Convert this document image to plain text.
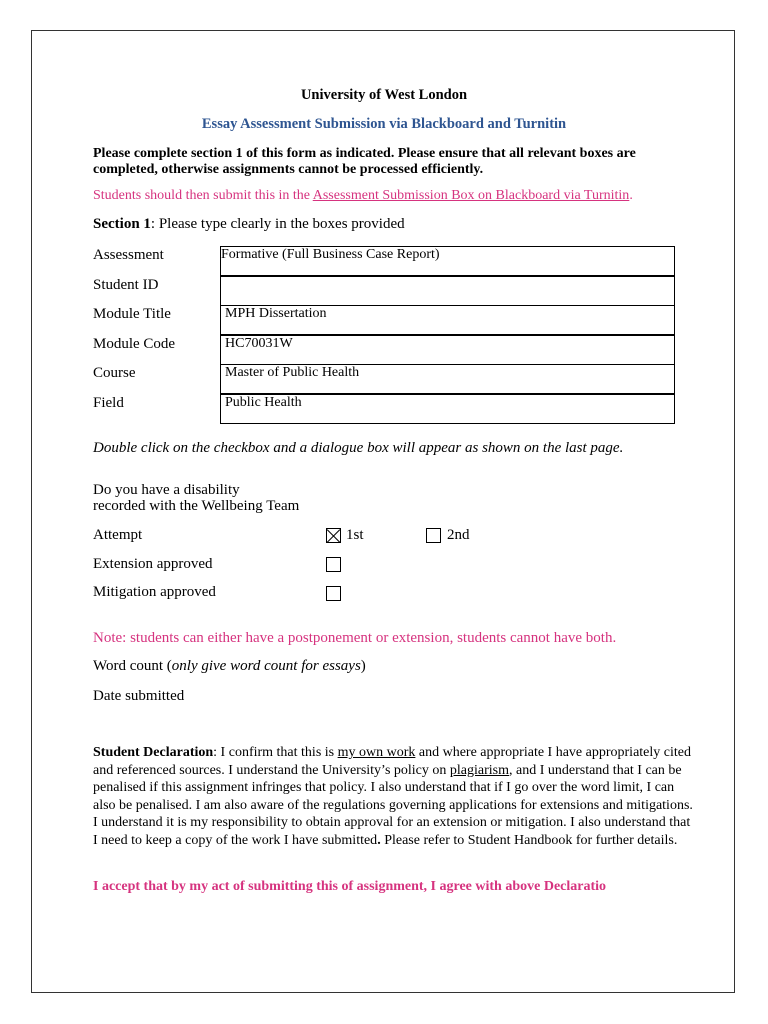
University of West London
Essay Assessment Submission via Blackboard and Turnitin
Please complete section 1 of this form as indicated. Please ensure that all relevant boxes are completed, otherwise assignments cannot be processed efficiently.
Students should then submit this in the Assessment Submission Box on Blackboard via Turnitin.
Section 1: Please type clearly in the boxes provided
Assessment	Formative (Full Business Case Report)
Student ID
Module Title	MPH Dissertation
Module Code	HC70031W
Course	Master of Public Health
Field	Public Health
Double click on the checkbox and a dialogue box will appear as shown on the last page.
Do you have a disability
recorded with the Wellbeing Team
Attempt	1st	2nd
Extension approved
Mitigation approved
Note: students can either have a postponement or extension, students cannot have both.
Word count (only give word count for essays)
Date submitted
Student Declaration: I confirm that this is my own work and where appropriate I have appropriately cited and referenced sources. I understand the University’s policy on plagiarism, and I understand that I can be penalised if this assignment infringes that policy. I also understand that if I go over the word limit, I can also be penalised. I am also aware of the regulations governing applications for extensions and mitigations. I understand it is my responsibility to obtain approval for an extension or mitigation. I also understand that I need to keep a copy of the work I have submitted. Please refer to Student Handbook for further details.
I accept that by my act of submitting this of assignment, I agree with above Declaratio
